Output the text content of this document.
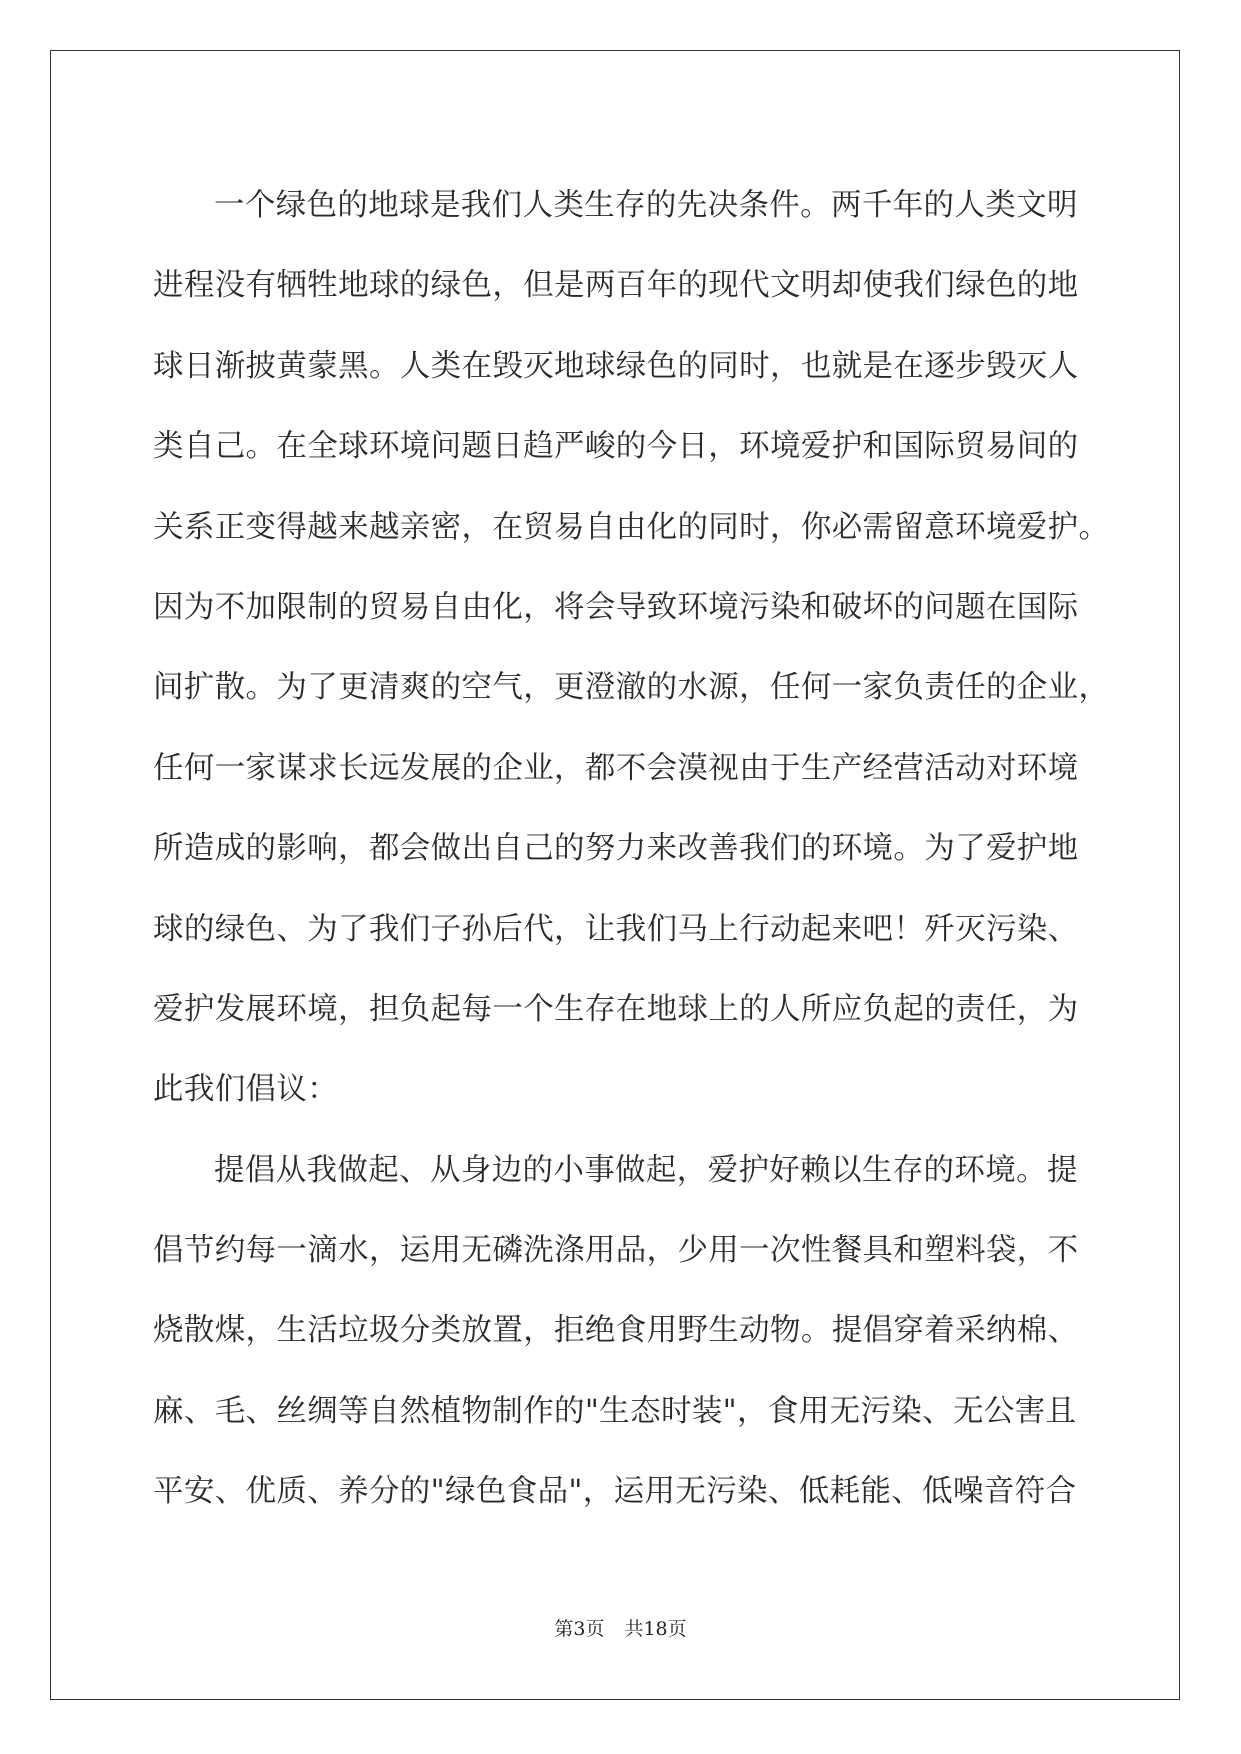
一个绿色的地球是我们人类生存的先决条件。两千年的人类文明
进程没有牺牲地球的绿色，但是两百年的现代文明却使我们绿色的地
球日渐披黄蒙黑。人类在毁灭地球绿色的同时，也就是在逐步毁灭人
类自己。在全球环境问题日趋严峻的今日，环境爱护和国际贸易间的
关系正变得越来越亲密，在贸易自由化的同时，你必需留意环境爱护。
因为不加限制的贸易自由化，将会导致环境污染和破坏的问题在国际
间扩散。为了更清爽的空气，更澄澈的水源，任何一家负责任的企业，
任何一家谋求长远发展的企业，都不会漠视由于生产经营活动对环境
所造成的影响，都会做出自己的努力来改善我们的环境。为了爱护地
球的绿色、为了我们子孙后代，让我们马上行动起来吧！歼灭污染、
爱护发展环境，担负起每一个生存在地球上的人所应负起的责任，为
此我们倡议：
提倡从我做起、从身边的小事做起，爱护好赖以生存的环境。提
倡节约每一滴水，运用无磷洗涤用品，少用一次性餐具和塑料袋，不
烧散煤，生活垃圾分类放置，拒绝食用野生动物。提倡穿着采纳棉、
麻、毛、丝绸等自然植物制作的"生态时装"，食用无污染、无公害且
平安、优质、养分的"绿色食品"，运用无污染、低耗能、低噪音符合
第3页 共18页
